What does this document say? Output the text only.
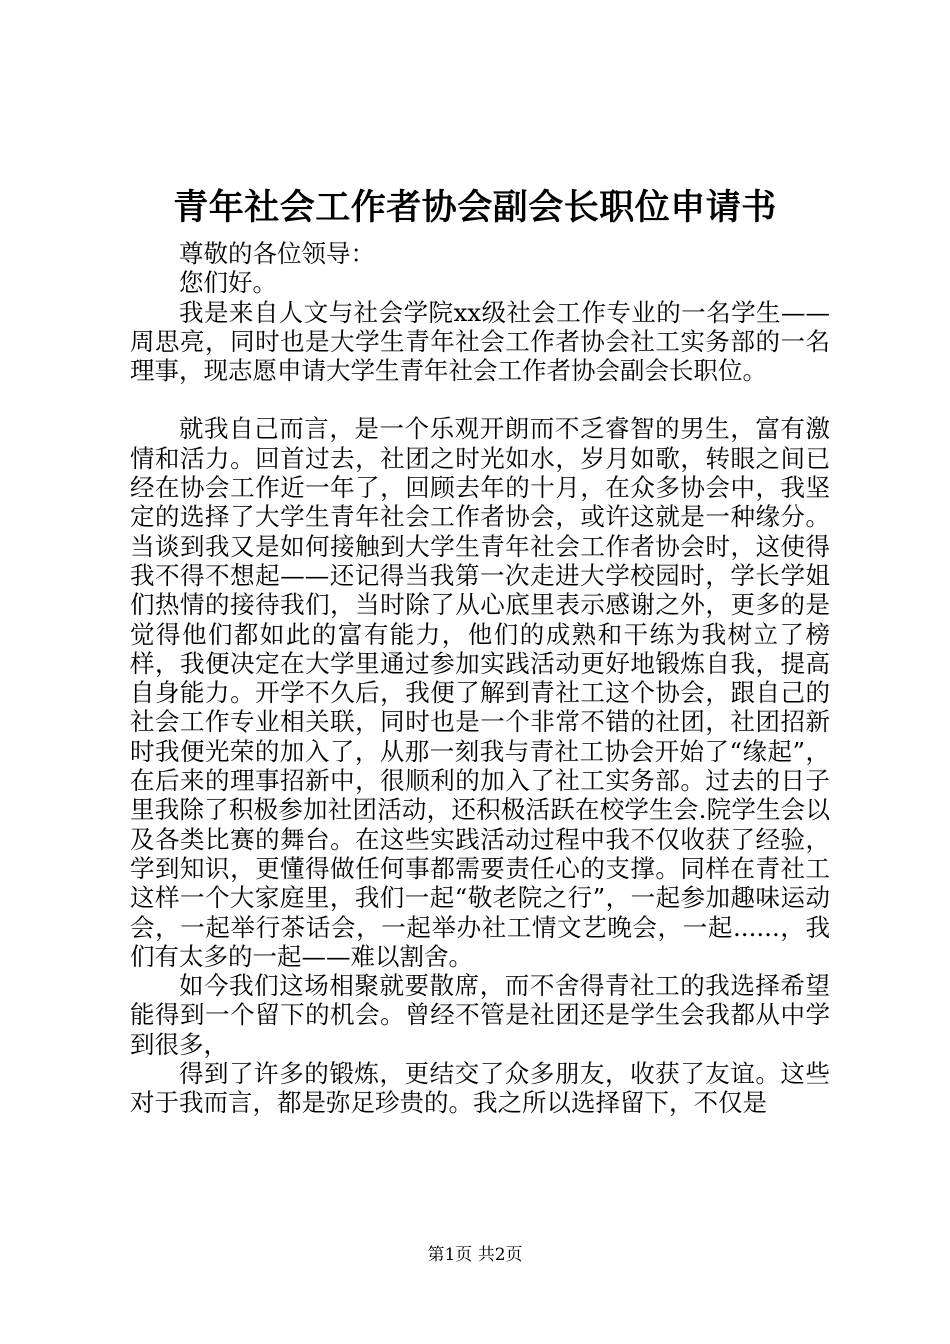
青年社会工作者协会副会长职位申请书

尊敬的各位领导：

您们好。

我是来自人文与社会学院xx级社会工作专业的一名学生——周思亮，同时也是大学生青年社会工作者协会社工实务部的一名理事，现志愿申请大学生青年社会工作者协会副会长职位。

就我自己而言，是一个乐观开朗而不乏睿智的男生，富有激情和活力。回首过去，社团之时光如水，岁月如歌，转眼之间已经在协会工作近一年了，回顾去年的十月，在众多协会中，我坚定的选择了大学生青年社会工作者协会，或许这就是一种缘分。当谈到我又是如何接触到大学生青年社会工作者协会时，这使得我不得不想起——还记得当我第一次走进大学校园时，学长学姐们热情的接待我们，当时除了从心底里表示感谢之外，更多的是觉得他们都如此的富有能力，他们的成熟和干练为我树立了榜样，我便决定在大学里通过参加实践活动更好地锻炼自我，提高自身能力。开学不久后，我便了解到青社工这个协会，跟自己的社会工作专业相关联，同时也是一个非常不错的社团，社团招新时我便光荣的加入了，从那一刻我与青社工协会开始了“缘起”，在后来的理事招新中，很顺利的加入了社工实务部。过去的日子里我除了积极参加社团活动，还积极活跃在校学生会.院学生会以及各类比赛的舞台。在这些实践活动过程中我不仅收获了经验，学到知识，更懂得做任何事都需要责任心的支撑。同样在青社工这样一个大家庭里，我们一起“敬老院之行”，一起参加趣味运动会，一起举行茶话会，一起举办社工情文艺晚会，一起......，我们有太多的一起——难以割舍。

如今我们这场相聚就要散席，而不舍得青社工的我选择希望能得到一个留下的机会。曾经不管是社团还是学生会我都从中学到很多，

得到了许多的锻炼，更结交了众多朋友，收获了友谊。这些对于我而言，都是弥足珍贵的。我之所以选择留下，不仅是

第1页 共2页
